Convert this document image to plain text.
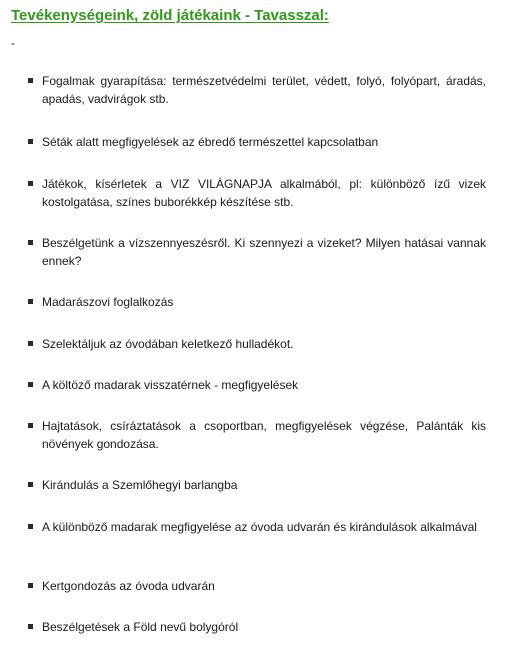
Tevékenységeink, zöld játékaink - Tavasszal:
-
Fogalmak gyarapítása: természetvédelmi terület, védett, folyó, folyópart, áradás, apadás, vadvirágok stb.
Séták alatt megfigyelések az ébredő természettel kapcsolatban
Játékok, kísérletek a VIZ VILÁGNAPJA alkalmából, pl: különböző ízű vizek kostolgatása, színes buborékkép készítése stb.
Beszélgetünk a vízszennyeszésről. Ki szennyezi a vizeket? Milyen hatásai vannak ennek?
Madarászovi foglalkozás
Szelektáljuk az óvodában keletkező hulladékot.
A költöző madarak visszatérnek - megfigyelések
Hajtatások, csíráztatások a csoportban, megfigyelések végzése, Palánták kis növények gondozása.
Kirándulás a Szemlőhegyi barlangba
A különböző madarak megfigyelése az óvoda udvarán és kirándulások alkalmával
Kertgondozás az óvoda udvarán
Beszélgetések a Föld nevű bolygóról
